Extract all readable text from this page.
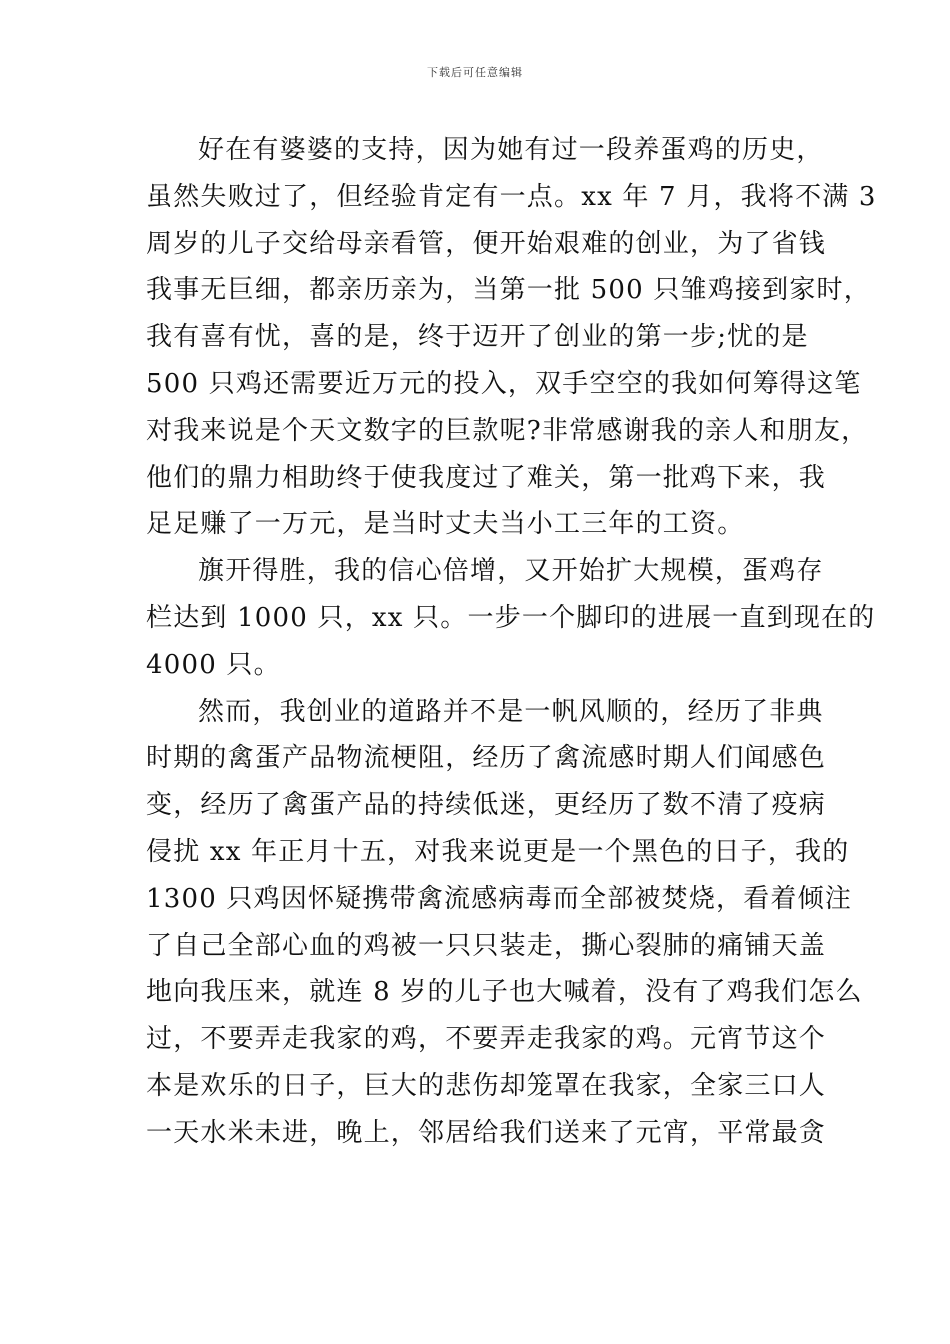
下载后可任意编辑
好在有婆婆的支持，因为她有过一段养蛋鸡的历史，
虽然失败过了，但经验肯定有一点。xx 年 7 月，我将不满 3
周岁的儿子交给母亲看管，便开始艰难的创业，为了省钱
我事无巨细，都亲历亲为，当第一批 500 只雏鸡接到家时，
我有喜有忧，喜的是，终于迈开了创业的第一步;忧的是
500 只鸡还需要近万元的投入，双手空空的我如何筹得这笔
对我来说是个天文数字的巨款呢?非常感谢我的亲人和朋友，
他们的鼎力相助终于使我度过了难关，第一批鸡下来，我
足足赚了一万元，是当时丈夫当小工三年的工资。
旗开得胜，我的信心倍增，又开始扩大规模，蛋鸡存
栏达到 1000 只，xx 只。一步一个脚印的进展一直到现在的
4000 只。
然而，我创业的道路并不是一帆风顺的，经历了非典
时期的禽蛋产品物流梗阻，经历了禽流感时期人们闻感色
变，经历了禽蛋产品的持续低迷，更经历了数不清了疫病
侵扰 xx 年正月十五，对我来说更是一个黑色的日子，我的
1300 只鸡因怀疑携带禽流感病毒而全部被焚烧，看着倾注
了自己全部心血的鸡被一只只装走，撕心裂肺的痛铺天盖
地向我压来，就连 8 岁的儿子也大喊着，没有了鸡我们怎么
过，不要弄走我家的鸡，不要弄走我家的鸡。元宵节这个
本是欢乐的日子，巨大的悲伤却笼罩在我家，全家三口人
一天水米未进，晚上，邻居给我们送来了元宵，平常最贪
